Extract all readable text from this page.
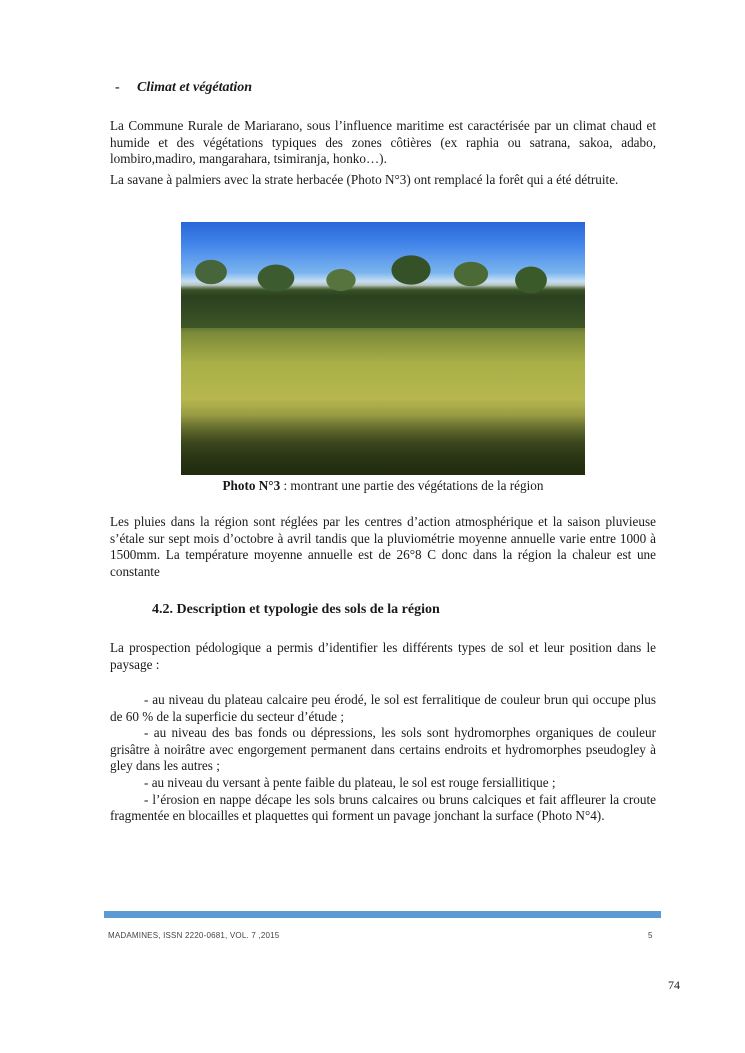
- Climat et végétation
La Commune Rurale de Mariarano, sous l’influence maritime est caractérisée par un climat chaud et humide et des végétations typiques des zones côtières (ex raphia ou satrana, sakoa, adabo, lombiro,madiro, mangarahara, tsimiranja, honko…).
La savane à palmiers avec la strate herbacée (Photo N°3) ont remplacé la forêt qui a été détruite.
Photo N°3 : montrant une partie des végétations de la région
Les pluies dans la région sont réglées par les centres d’action atmosphérique et la saison pluvieuse s’étale sur sept mois d’octobre à avril tandis que la pluviométrie moyenne annuelle varie entre 1000 à 1500mm. La température moyenne annuelle est de 26°8 C donc dans la région la chaleur est une constante
4.2. Description et typologie des sols de la région
La prospection pédologique a permis d’identifier les différents types de sol et leur position dans le paysage :
- au niveau du plateau calcaire peu érodé, le sol est ferralitique de couleur brun qui occupe plus de 60 % de la superficie du secteur d’étude ;
- au niveau des bas fonds ou dépressions, les sols sont hydromorphes organiques de couleur grisâtre à noirâtre avec engorgement permanent dans certains endroits et hydromorphes pseudogley à gley dans les autres ;
- au niveau du versant à pente faible du plateau, le sol est rouge fersiallitique ;
- l’érosion en nappe décape les sols bruns calcaires ou bruns calciques et fait affleurer la croute fragmentée en blocailles et plaquettes qui forment un pavage jonchant la surface (Photo N°4).
MADAMINES, ISSN 2220-0681, VOL. 7 ,2015	5
74
